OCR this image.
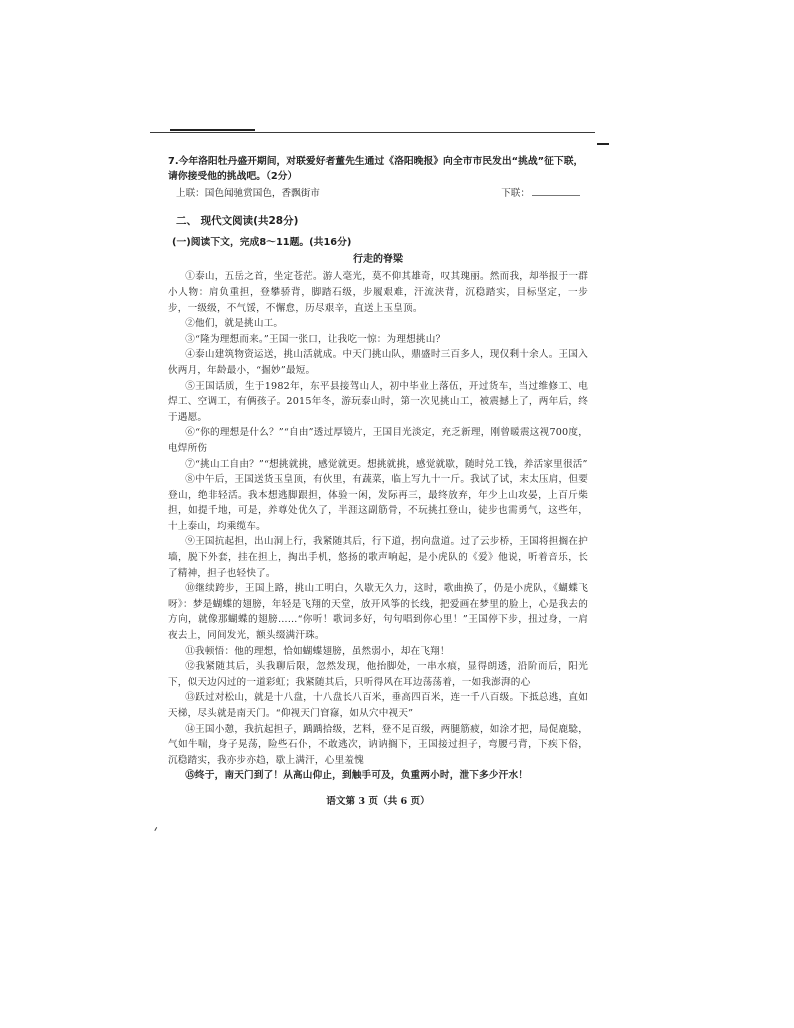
7.今年洛阳牡丹盛开期间，对联爱好者董先生通过《洛阳晚报》向全市市民发出“挑战”征下联，请你接受他的挑战吧。（2分）

上联：国色闻驰赏国色，香飘街市	下联：
二、 现代文阅读(共28分)
(一)阅读下文，完成8～11题。(共16分)
行走的脊梁

①泰山，五岳之首，坐定苍茫。游人毫光，莫不仰其雄奇，叹其瑰丽。然而我，却举报于一群小人物：肩负重担，登攀骄背，脚踏石级，步履艰难，汗流浃背，沉稳踏实，目标坚定，一步步，一级级，不气馁，不懈怠，历尽艰辛，直送上玉皇顶。

②他们，就是挑山工。

③“隆为理想而来。”王国一张口，让我吃一惊：为理想挑山？

④泰山建筑物资运送，挑山活就成。中天门挑山队，鼎盛时三百多人，现仅剩十余人。王国入伙两月，年龄最小，“掘妙”最短。

⑤王国话质，生于1982年，东平县接驾山人，初中毕业上落伍，开过货车，当过维修工、电焊工、空调工，有俩孩子。2015年冬，游玩泰山时，第一次见挑山工，被震撼上了，两年后，终于遇愿。

⑥“你的理想是什么？”“自由”透过厚镜片，王国目光淡定，充乏新理，刚曾暖震这视700度，电焊所伤

⑦“挑山工自由？”“想挑就挑，感觉就更。想挑就挑，感觉就歇，随时兑工钱，养活家里很活”

⑧中午后，王国送货玉皇顶，有伙里，有蔬菜，临上写九十一斤。我试了试，末太压肩，但要登山，绝非轻活。我本想逃脚跟担，体验一闲，发际再三，最终放弃，年少上山攻晏，上百斤柴担，如提千地，可是，养尊处优久了，半涯这副筋骨，不玩挑扛登山，徒步也需勇气，这些年，十上泰山，均乘缆车。

⑨王国抗起担，出山洞上行，我紧随其后，行下道，拐向盘道。过了云步桥，王国将担搁在护墙，脱下外套，挂在担上，掏出手机，悠扬的歌声响起，是小虎队的《爱》他说，听着音乐，长了精神，担子也轻快了。

⑩继续跨步，王国上路，挑山工明白，久歇无久力，这时，歌曲换了，仍是小虎队，《蝴蝶飞呀》：梦是蝴蝶的翅膀，年轻是飞翔的天堂，放开风筝的长线，把爱画在梦里的脸上，心是我去的方向，就像那蝴蝶的翅膀……“你听！歌词多好，句句唱到你心里！”王国停下步，扭过身，一肩夜去上，同间发光，额头缀满汗珠。

⑪我顿悟：他的理想，恰如蝴蝶翅膀，虽然弱小，却在飞翔！

⑫我紧随其后，头我聊后限，忽然发现，他抬脚处，一串水痕，显得朗透，沿阶而后，阳光下，似天边闪过的一道彩虹；我紧随其后，只听得风在耳边荡荡着，一如我澎湃的心

⑬跃过对松山，就是十八盘，十八盘长八百米，垂高四百米，连一千八百级。下抵总逃，直如天梯，尽头就是南天门。“仰视天门窅窱，如从穴中视天”

⑭王国小憩，我抗起担子，踽踽拾级，艺料，登不足百级，两腿筋疲，如涂才把，局促鹿騐，气如牛喘，身子晃荡，险些石仆，不敢逃次，讷讷搁下，王国接过担子，弯腰弓背，下疾下俗，沉稳踏实，我亦步亦趋，歇上满汗，心里羞愧

⑮终于，南天门到了！从高山仰止，到触手可及，负重两小时，泄下多少汗水！

语文第 3 页（共 6 页）
